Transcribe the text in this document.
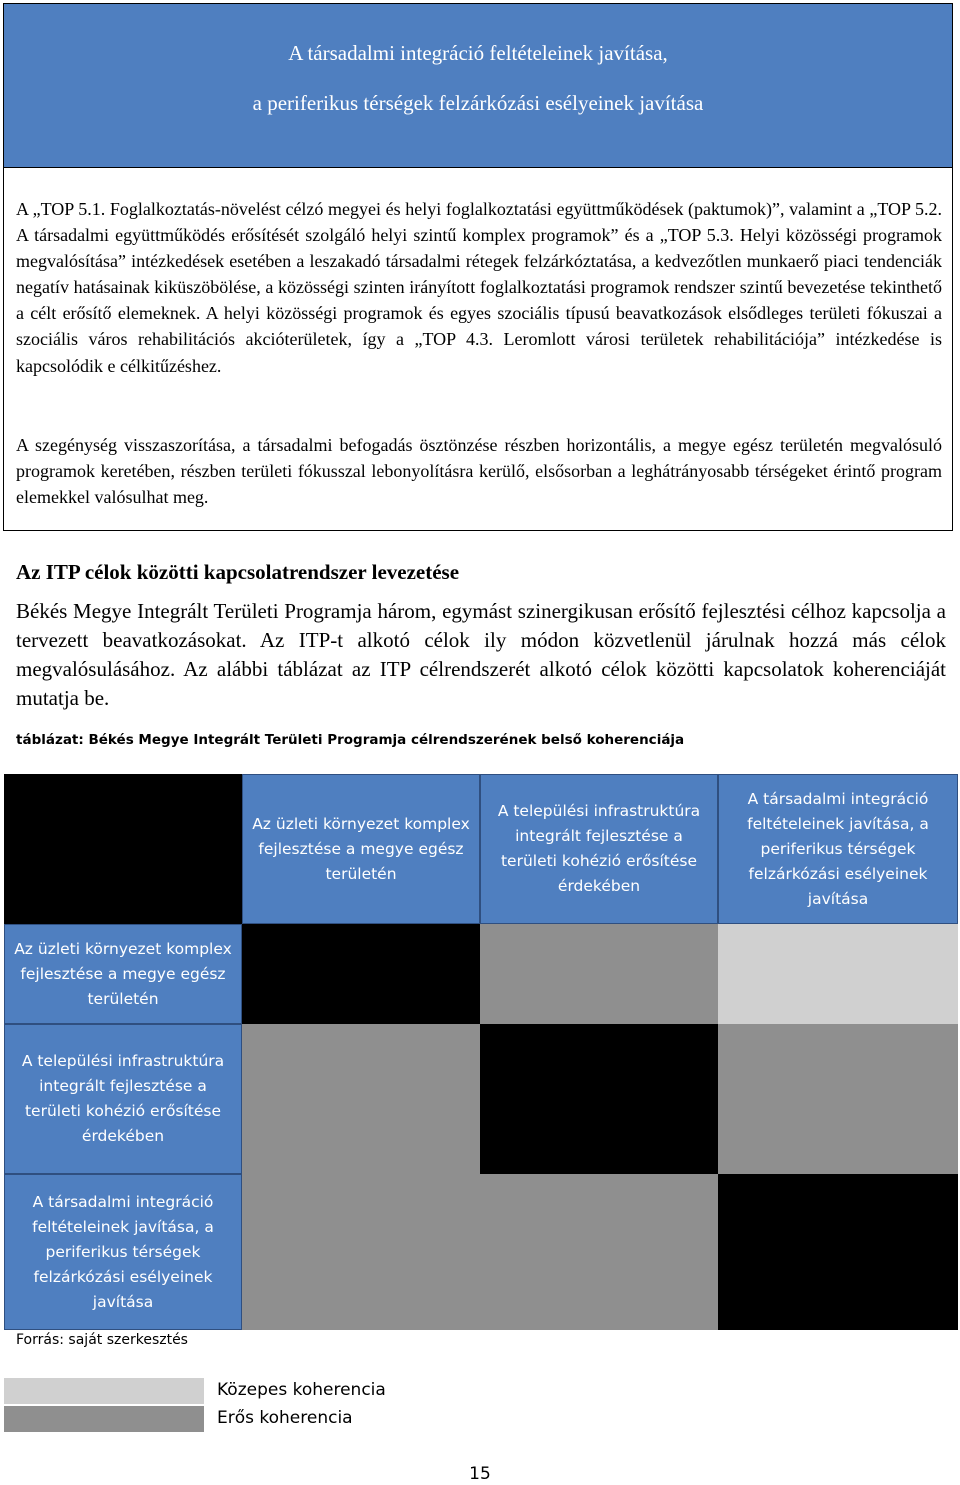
A társadalmi integráció feltételeinek javítása,
a periferikus térségek felzárkózási esélyeinek javítása

A „TOP 5.1. Foglalkoztatás-növelést célzó megyei és helyi foglalkoztatási együttműködések (paktumok)”, valamint a „TOP 5.2. A társadalmi együttműködés erősítését szolgáló helyi szintű komplex programok” és a „TOP 5.3. Helyi közösségi programok megvalósítása” intézkedések esetében a leszakadó társadalmi rétegek felzárkóztatása, a kedvezőtlen munkaerő piaci tendenciák negatív hatásainak kiküszöbölése, a közösségi szinten irányított foglalkoztatási programok rendszer szintű bevezetése tekinthető a célt erősítő elemeknek. A helyi közösségi programok és egyes szociális típusú beavatkozások elsődleges területi fókuszai a szociális város rehabilitációs akcióterületek, így a „TOP 4.3. Leromlott városi területek rehabilitációja” intézkedése is kapcsolódik e célkitűzéshez.

A szegénység visszaszorítása, a társadalmi befogadás ösztönzése részben horizontális, a megye egész területén megvalósuló programok keretében, részben területi fókusszal lebonyolításra kerülő, elsősorban a leghátrányosabb térségeket érintő program elemekkel valósulhat meg.

Az ITP célok közötti kapcsolatrendszer levezetése

Békés Megye Integrált Területi Programja három, egymást szinergikusan erősítő fejlesztési célhoz kapcsolja a tervezett beavatkozásokat. Az ITP-t alkotó célok ily módon közvetlenül járulnak hozzá más célok megvalósulásához. Az alábbi táblázat az ITP célrendszerét alkotó célok közötti kapcsolatok koherenciáját mutatja be.

táblázat: Békés Megye Integrált Területi Programja célrendszerének belső koherenciája

Az üzleti környezet komplex fejlesztése a megye egész területén
A települési infrastruktúra integrált fejlesztése a területi kohézió erősítése érdekében
A társadalmi integráció feltételeinek javítása, a periferikus térségek felzárkózási esélyeinek javítása
Az üzleti környezet komplex fejlesztése a megye egész területén
A települési infrastruktúra integrált fejlesztése a területi kohézió erősítése érdekében
A társadalmi integráció feltételeinek javítása, a periferikus térségek felzárkózási esélyeinek javítása

Forrás: saját szerkesztés

Közepes koherencia

Erős koherencia

15
